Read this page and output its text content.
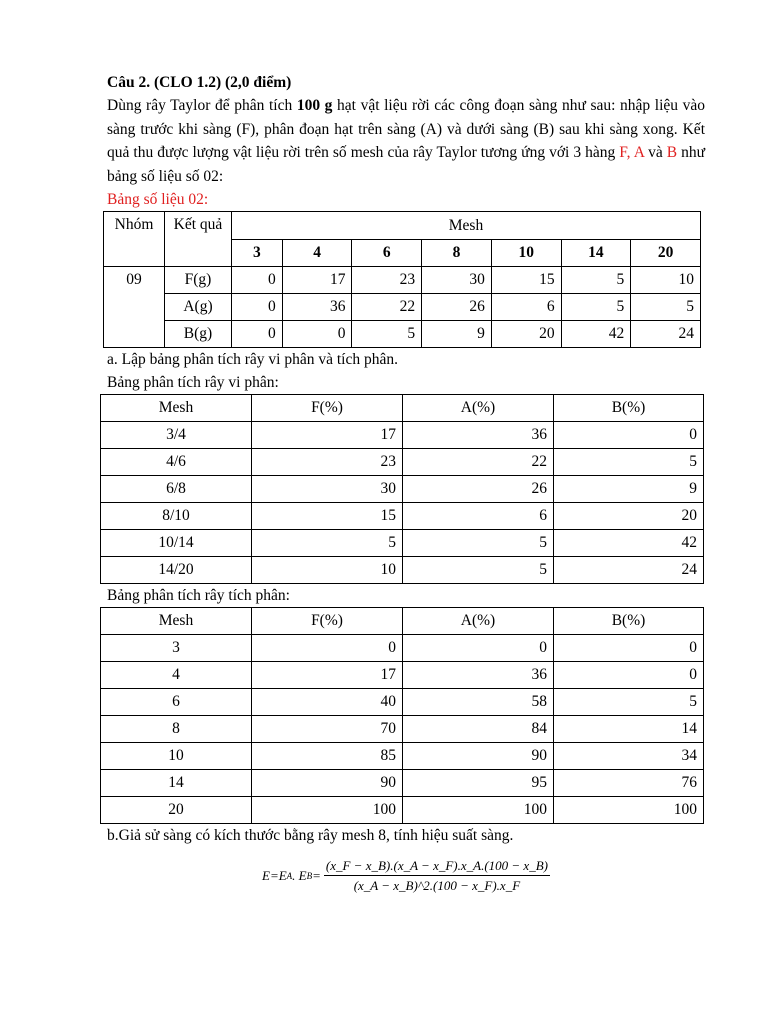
Câu 2. (CLO 1.2) (2,0 điểm)
Dùng rây Taylor để phân tích 100 g hạt vật liệu rời các công đoạn sàng như sau: nhập liệu vào sàng trước khi sàng (F), phân đoạn hạt trên sàng (A) và dưới sàng (B) sau khi sàng xong. Kết quả thu được lượng vật liệu rời trên số mesh của rây Taylor tương ứng với 3 hàng F, A và B như bảng số liệu số 02:
Bảng số liệu 02:
Nhóm	Kết quả	Mesh						
		3	4	6	8	10	14	20
09	F(g)	0	17	23	30	15	5	10
	A(g)	0	36	22	26	6	5	5
	B(g)	0	0	5	9	20	42	24
a. Lập bảng phân tích rây vi phân và tích phân.
Bảng phân tích rây vi phân:
Mesh	F(%)	A(%)	B(%)
3/4	17	36	0
4/6	23	22	5
6/8	30	26	9
8/10	15	6	20
10/14	5	5	42
14/20	10	5	24
Bảng phân tích rây tích phân:
Mesh	F(%)	A(%)	B(%)
3	0	0	0
4	17	36	0
6	40	58	5
8	70	84	14
10	85	90	34
14	90	95	76
20	100	100	100
b.Giả sử sàng có kích thước bằng rây mesh 8, tính hiệu suất sàng.
E=E A . E $B = \frac{(x\_F - x\_B).(x\_A - x\_F).x\_A.(100 - x\_B)}{(x\_A - x\_B)\^{}2.(100 - x\_F).x\_F}$
